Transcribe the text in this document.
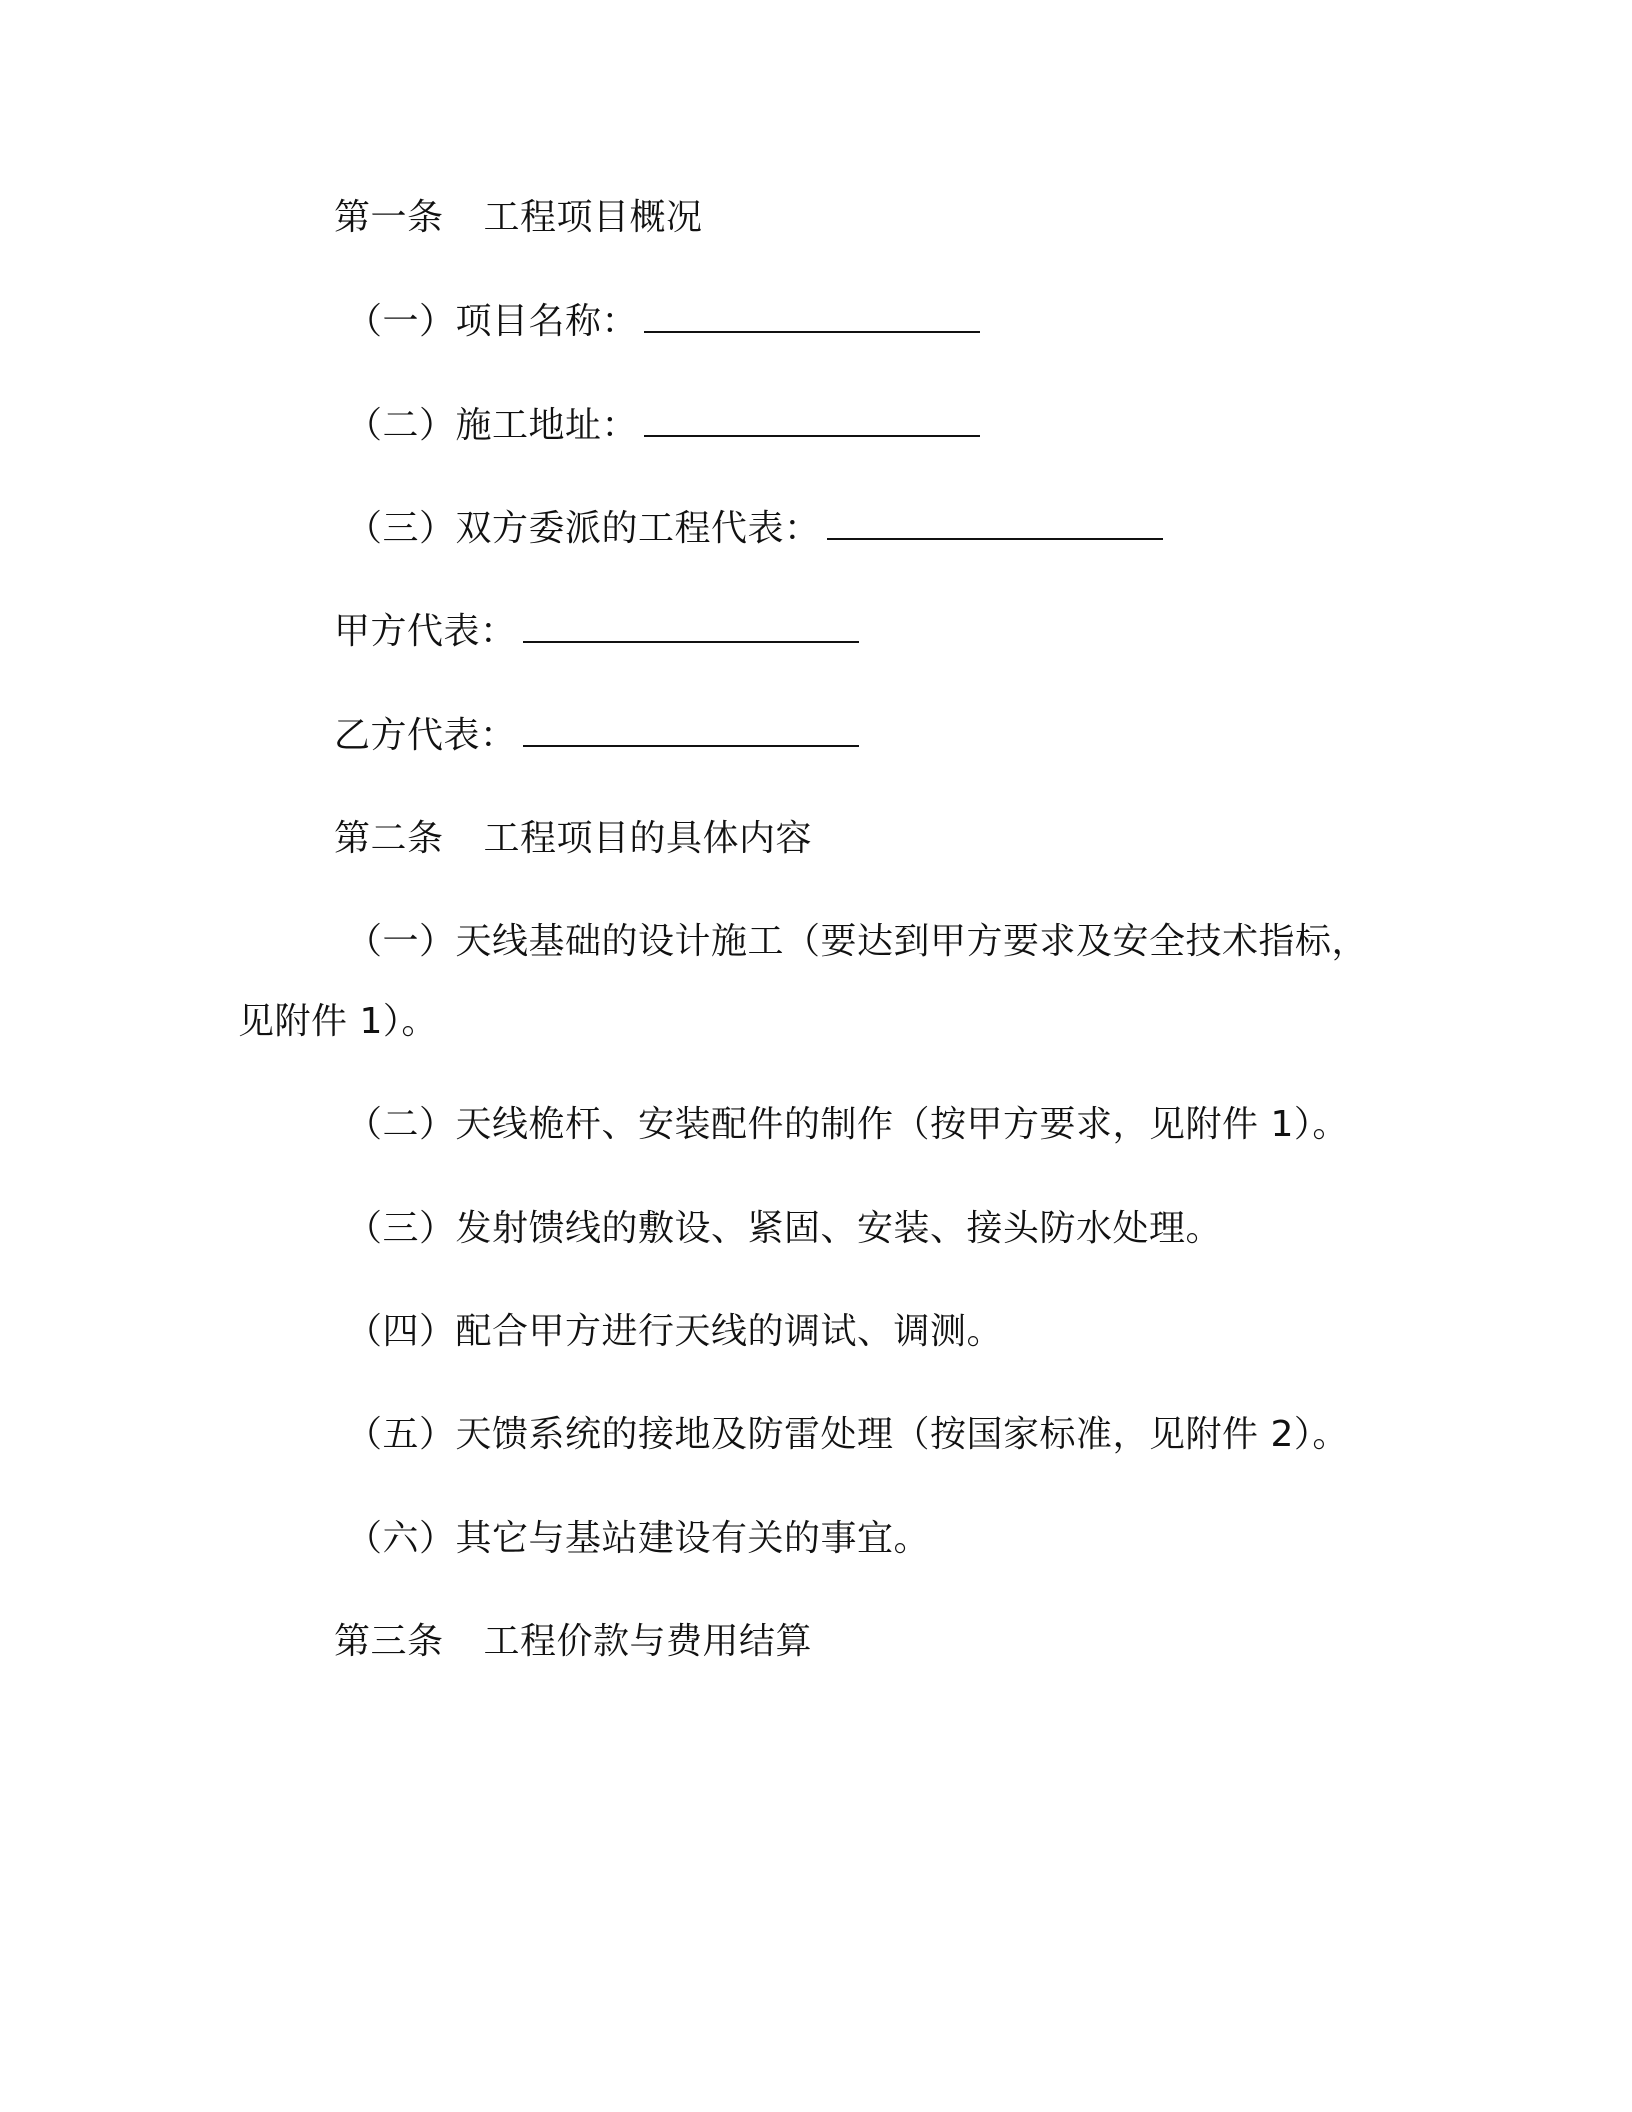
第一条 工程项目概况
（一）项目名称：
（二）施工地址：
（三）双方委派的工程代表：
甲方代表：
乙方代表：
第二条 工程项目的具体内容
（一）天线基础的设计施工（要达到甲方要求及安全技术指标，
见附件 1）。
（二）天线桅杆、安装配件的制作（按甲方要求，见附件 1）。
（三）发射馈线的敷设、紧固、安装、接头防水处理。
（四）配合甲方进行天线的调试、调测。
（五）天馈系统的接地及防雷处理（按国家标准，见附件 2）。
（六）其它与基站建设有关的事宜。
第三条 工程价款与费用结算
